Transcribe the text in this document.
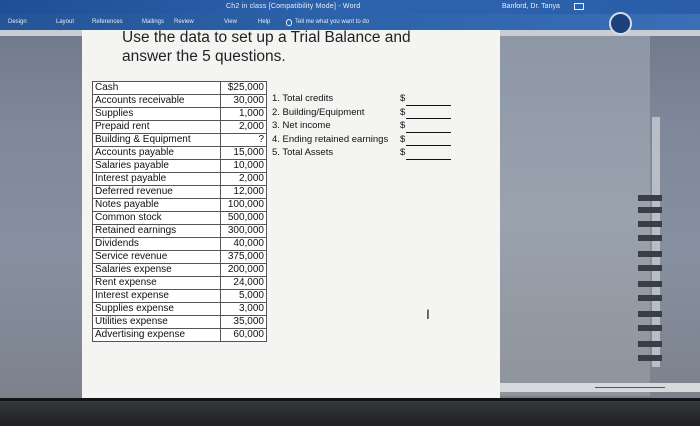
Ch2 in class [Compatibility Mode] - Word	Banford, Dr. Tanya
Design	Layout	References	Mailings Review	View	Help	Tell me what you want to do
Use the data to set up a Trial Balance and
answer the 5 questions.
Cash	$25,000
Accounts receivable	30,000
Supplies	1,000
Prepaid rent	2,000
Building & Equipment	?
Accounts payable	15,000
Salaries payable	10,000
Interest payable	2,000
Deferred revenue	12,000
Notes payable	100,000
Common stock	500,000
Retained earnings	300,000
Dividends	40,000
Service revenue	375,000
Salaries expense	200,000
Rent expense	24,000
Interest expense	5,000
Supplies expense	3,000
Utilities expense	35,000
Advertising expense	60,000
1. Total credits	$
2. Building/Equipment	$
3. Net income	$
4. Ending retained earnings $
5. Total Assets	$
I
